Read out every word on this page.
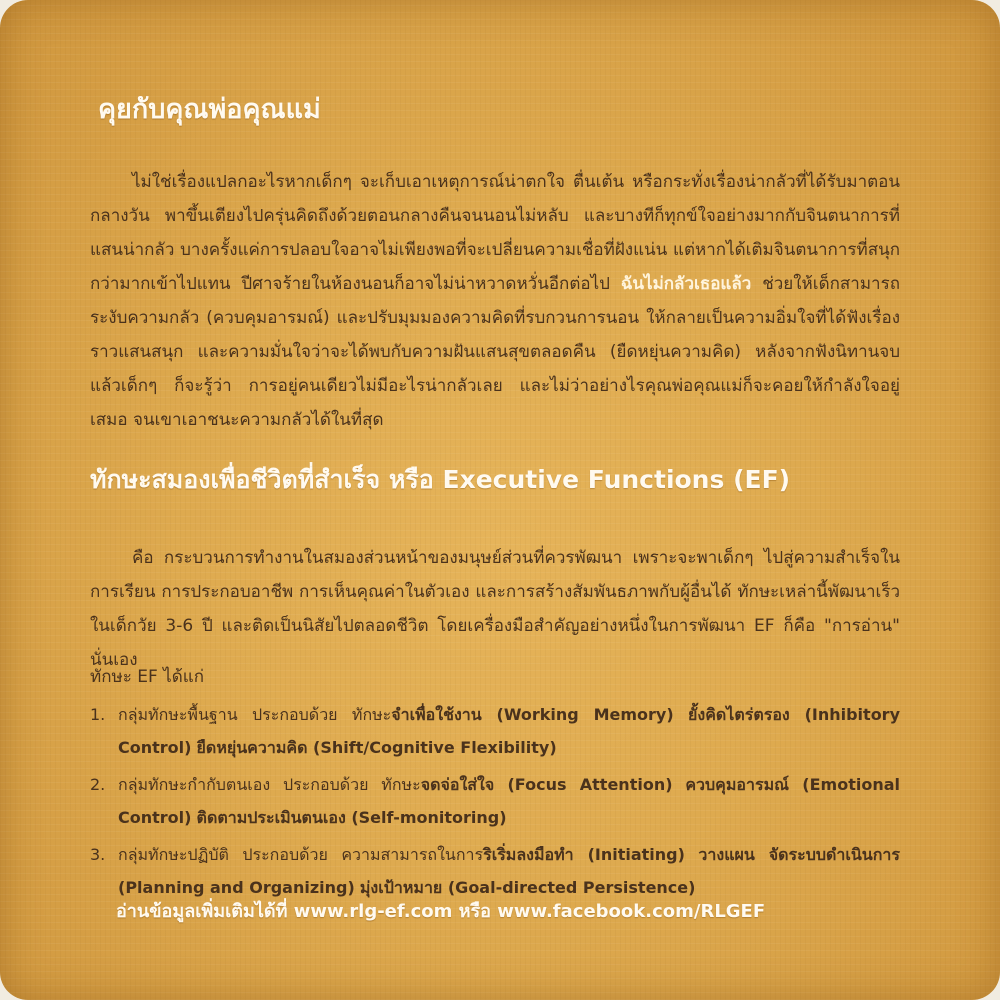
คุยกับคุณพ่อคุณแม่

ไม่ใช่เรื่องแปลกอะไรหากเด็กๆ จะเก็บเอาเหตุการณ์น่าตกใจ ตื่นเต้น หรือกระทั่งเรื่องน่ากลัวที่ได้รับมาตอนกลางวัน พาขึ้นเตียงไปครุ่นคิดถึงด้วยตอนกลางคืนจนนอนไม่หลับ และบางทีก็ทุกข์ใจอย่างมากกับจินตนาการที่แสนน่ากลัว บางครั้งแค่การปลอบใจอาจไม่เพียงพอที่จะเปลี่ยนความเชื่อที่ฝังแน่น แต่หากได้เติมจินตนาการที่สนุกกว่ามากเข้าไปแทน ปีศาจร้ายในห้องนอนก็อาจไม่น่าหวาดหวั่นอีกต่อไป ฉันไม่กลัวเธอแล้ว ช่วยให้เด็กสามารถระงับความกลัว (ควบคุมอารมณ์) และปรับมุมมองความคิดที่รบกวนการนอน ให้กลายเป็นความอิ่มใจที่ได้ฟังเรื่องราวแสนสนุก และความมั่นใจว่าจะได้พบกับความฝันแสนสุขตลอดคืน (ยืดหยุ่นความคิด) หลังจากฟังนิทานจบแล้วเด็กๆ ก็จะรู้ว่า การอยู่คนเดียวไม่มีอะไรน่ากลัวเลย และไม่ว่าอย่างไรคุณพ่อคุณแม่ก็จะคอยให้กำลังใจอยู่เสมอ จนเขาเอาชนะความกลัวได้ในที่สุด

ทักษะสมองเพื่อชีวิตที่สำเร็จ หรือ Executive Functions (EF)

คือ กระบวนการทำงานในสมองส่วนหน้าของมนุษย์ส่วนที่ควรพัฒนา เพราะจะพาเด็กๆ ไปสู่ความสำเร็จในการเรียน การประกอบอาชีพ การเห็นคุณค่าในตัวเอง และการสร้างสัมพันธภาพกับผู้อื่นได้ ทักษะเหล่านี้พัฒนาเร็วในเด็กวัย 3-6 ปี และติดเป็นนิสัยไปตลอดชีวิต โดยเครื่องมือสำคัญอย่างหนึ่งในการพัฒนา EF ก็คือ "การอ่าน" นั่นเอง

ทักษะ EF ได้แก่
1. กลุ่มทักษะพื้นฐาน ประกอบด้วย ทักษะจำเพื่อใช้งาน (Working Memory) ยั้งคิดไตร่ตรอง (Inhibitory Control) ยืดหยุ่นความคิด (Shift/Cognitive Flexibility)
2. กลุ่มทักษะกำกับตนเอง ประกอบด้วย ทักษะจดจ่อใส่ใจ (Focus Attention) ควบคุมอารมณ์ (Emotional Control) ติดตามประเมินตนเอง (Self-monitoring)
3. กลุ่มทักษะปฏิบัติ ประกอบด้วย ความสามารถในการริเริ่มลงมือทำ (Initiating) วางแผน จัดระบบดำเนินการ (Planning and Organizing) มุ่งเป้าหมาย (Goal-directed Persistence)
อ่านข้อมูลเพิ่มเติมได้ที่ www.rlg-ef.com หรือ www.facebook.com/RLGEF
